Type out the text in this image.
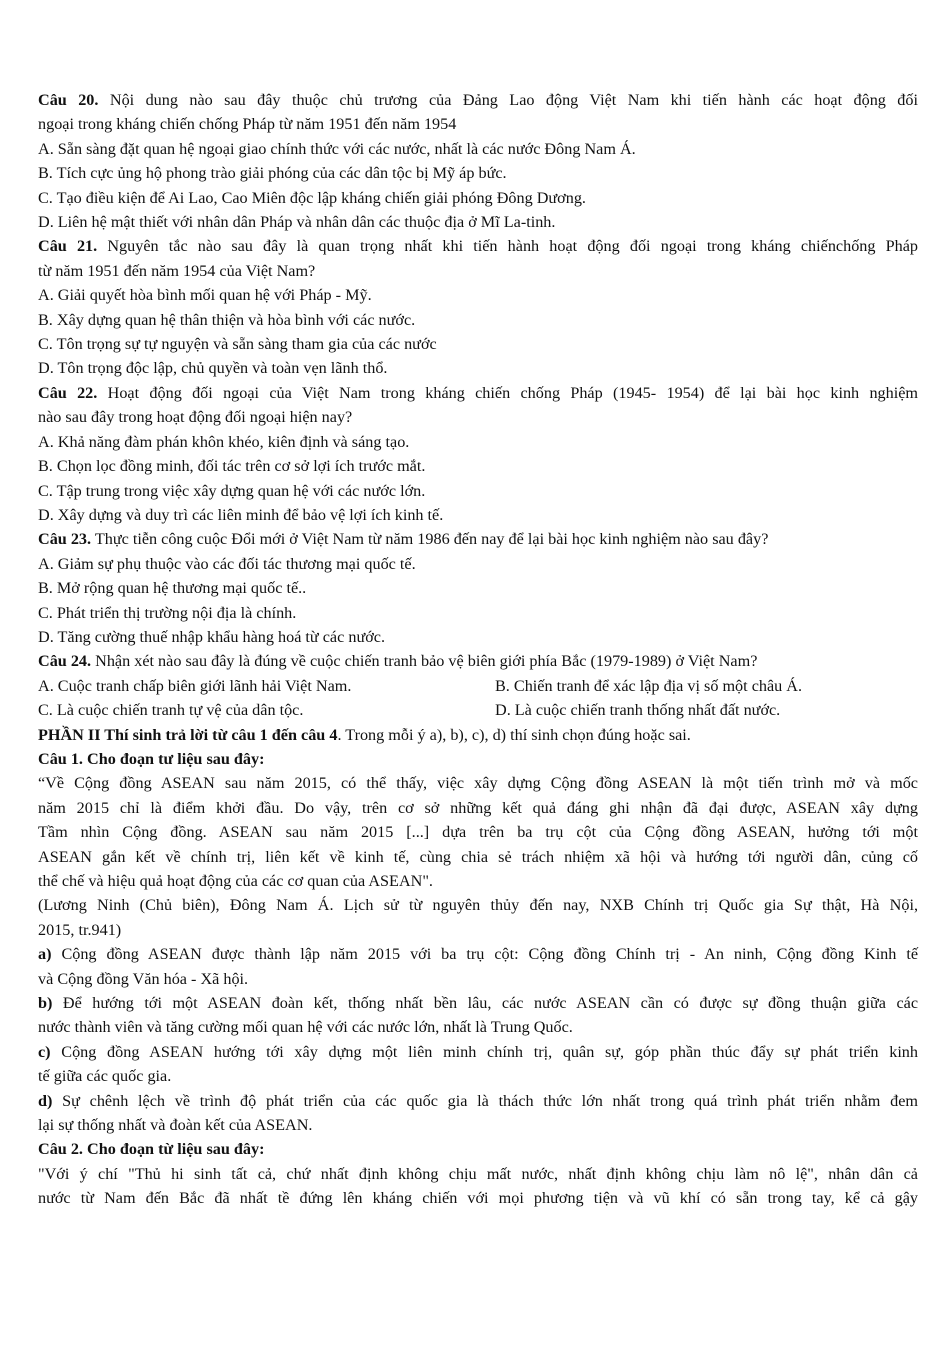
Câu 20. Nội dung nào sau đây thuộc chủ trương của Đảng Lao động Việt Nam khi tiến hành các hoạt động đối
ngoại trong kháng chiến chống Pháp từ năm 1951 đến năm 1954
A. Sẵn sàng đặt quan hệ ngoại giao chính thức với các nước, nhất là các nước Đông Nam Á.
B. Tích cực ủng hộ phong trào giải phóng của các dân tộc bị Mỹ áp bức.
C. Tạo điều kiện để Ai Lao, Cao Miên độc lập kháng chiến giải phóng Đông Dương.
D. Liên hệ mật thiết với nhân dân Pháp và nhân dân các thuộc địa ở Mĩ La-tinh.
Câu 21. Nguyên tắc nào sau đây là quan trọng nhất khi tiến hành hoạt động đối ngoại trong kháng chiếnchống Pháp
từ năm 1951 đến năm 1954 của Việt Nam?
A. Giải quyết hòa bình mối quan hệ với Pháp - Mỹ.
B. Xây dựng quan hệ thân thiện và hòa bình với các nước.
C. Tôn trọng sự tự nguyện và sẵn sàng tham gia của các nước
D. Tôn trọng độc lập, chủ quyền và toàn vẹn lãnh thổ.
Câu 22. Hoạt động đối ngoại của Việt Nam trong kháng chiến chống Pháp (1945- 1954) để lại bài học kinh nghiệm
nào sau đây trong hoạt động đối ngoại hiện nay?
A. Khả năng đàm phán khôn khéo, kiên định và sáng tạo.
B. Chọn lọc đồng minh, đối tác trên cơ sở lợi ích trước mắt.
C. Tập trung trong việc xây dựng quan hệ với các nước lớn.
D. Xây dựng và duy trì các liên minh để bảo vệ lợi ích kinh tế.
Câu 23. Thực tiễn công cuộc Đổi mới ở Việt Nam từ năm 1986 đến nay để lại bài học kinh nghiệm nào sau đây?
A. Giảm sự phụ thuộc vào các đối tác thương mại quốc tế.
B. Mở rộng quan hệ thương mại quốc tế..
C. Phát triển thị trường nội địa là chính.
D. Tăng cường thuế nhập khẩu hàng hoá từ các nước.
Câu 24. Nhận xét nào sau đây là đúng về cuộc chiến tranh bảo vệ biên giới phía Bắc (1979-1989) ở Việt Nam?
A. Cuộc tranh chấp biên giới lãnh hải Việt Nam.	B. Chiến tranh để xác lập địa vị số một châu Á.
C. Là cuộc chiến tranh tự vệ của dân tộc.	D. Là cuộc chiến tranh thống nhất đất nước.
PHẦN II Thí sinh trả lời từ câu 1 đến câu 4. Trong mỗi ý a), b), c), d) thí sinh chọn đúng hoặc sai.
Câu 1. Cho đoạn tư liệu sau đây:
“Về Cộng đồng ASEAN sau năm 2015, có thể thấy, việc xây dựng Cộng đồng ASEAN là một tiến trình mở và mốc
năm 2015 chỉ là điểm khởi đầu. Do vậy, trên cơ sở những kết quả đáng ghi nhận đã đại được, ASEAN xây dựng
Tầm nhìn Cộng đồng. ASEAN sau năm 2015 [...] dựa trên ba trụ cột của Cộng đồng ASEAN, hưởng tới một
ASEAN gắn kết về chính trị, liên kết về kinh tế, cùng chia sẻ trách nhiệm xã hội và hướng tới người dân, củng cố
thể chế và hiệu quả hoạt động của các cơ quan của ASEAN".
(Lương Ninh (Chủ biên), Đông Nam Á. Lịch sử từ nguyên thủy đến nay, NXB Chính trị Quốc gia Sự thật, Hà Nội,
2015, tr.941)
a) Cộng đồng ASEAN được thành lập năm 2015 với ba trụ cột: Cộng đồng Chính trị - An ninh, Cộng đồng Kinh tế
và Cộng đồng Văn hóa - Xã hội.
b) Để hướng tới một ASEAN đoàn kết, thống nhất bền lâu, các nước ASEAN cần có được sự đồng thuận giữa các
nước thành viên và tăng cường mối quan hệ với các nước lớn, nhất là Trung Quốc.
c) Cộng đồng ASEAN hướng tới xây dựng một liên minh chính trị, quân sự, góp phần thúc đẩy sự phát triển kinh
tế giữa các quốc gia.
d) Sự chênh lệch về trình độ phát triển của các quốc gia là thách thức lớn nhất trong quá trình phát triển nhằm đem
lại sự thống nhất và đoàn kết của ASEAN.
Câu 2. Cho đoạn từ liệu sau đây:
"Với ý chí "Thủ hi sinh tất cả, chứ nhất định không chịu mất nước, nhất định không chịu làm nô lệ", nhân dân cả
nước từ Nam đến Bắc đã nhất tề đứng lên kháng chiến với mọi phương tiện và vũ khí có sẵn trong tay, kể cả gậy
